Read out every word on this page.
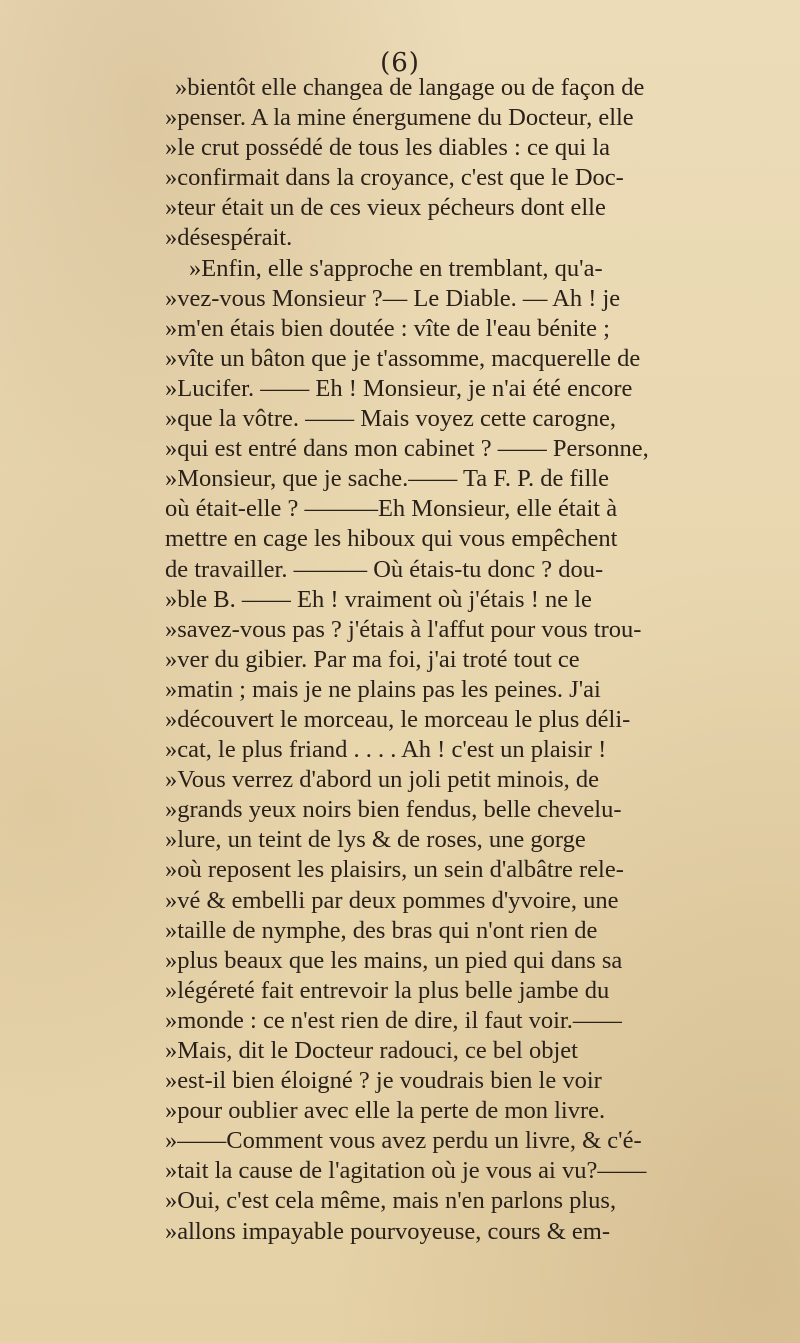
(6)
»bientôt elle changea de langage ou de façon de
»penser. A la mine énergumene du Docteur, elle
»le crut possédé de tous les diables : ce qui la
»confirmait dans la croyance, c'est que le Doc-
»teur était un de ces vieux pécheurs dont elle
»désespérait.
»Enfin, elle s'approche en tremblant, qu'a-
»vez-vous Monsieur ?— Le Diable. — Ah ! je
»m'en étais bien doutée : vîte de l'eau bénite ;
»vîte un bâton que je t'assomme, macquerelle de
»Lucifer. —— Eh ! Monsieur, je n'ai été encore
»que la vôtre. —— Mais voyez cette carogne,
»qui est entré dans mon cabinet ? —— Personne,
»Monsieur, que je sache.—— Ta F. P. de fille
où était-elle ? ———Eh Monsieur, elle était à
mettre en cage les hiboux qui vous empêchent
de travailler. ——— Où étais-tu donc ? dou-
»ble B. —— Eh ! vraiment où j'étais ! ne le
»savez-vous pas ? j'étais à l'affut pour vous trou-
»ver du gibier. Par ma foi, j'ai troté tout ce
»matin ; mais je ne plains pas les peines. J'ai
»découvert le morceau, le morceau le plus déli-
»cat, le plus friand . . . . Ah ! c'est un plaisir !
»Vous verrez d'abord un joli petit minois, de
»grands yeux noirs bien fendus, belle chevelu-
»lure, un teint de lys & de roses, une gorge
»où reposent les plaisirs, un sein d'albâtre rele-
»vé & embelli par deux pommes d'yvoire, une
»taille de nymphe, des bras qui n'ont rien de
»plus beaux que les mains, un pied qui dans sa
»légéreté fait entrevoir la plus belle jambe du
»monde : ce n'est rien de dire, il faut voir.——
»Mais, dit le Docteur radouci, ce bel objet
»est-il bien éloigné ? je voudrais bien le voir
»pour oublier avec elle la perte de mon livre.
»——Comment vous avez perdu un livre, & c'é-
»tait la cause de l'agitation où je vous ai vu?——
»Oui, c'est cela même, mais n'en parlons plus,
»allons impayable pourvoyeuse, cours & em-
